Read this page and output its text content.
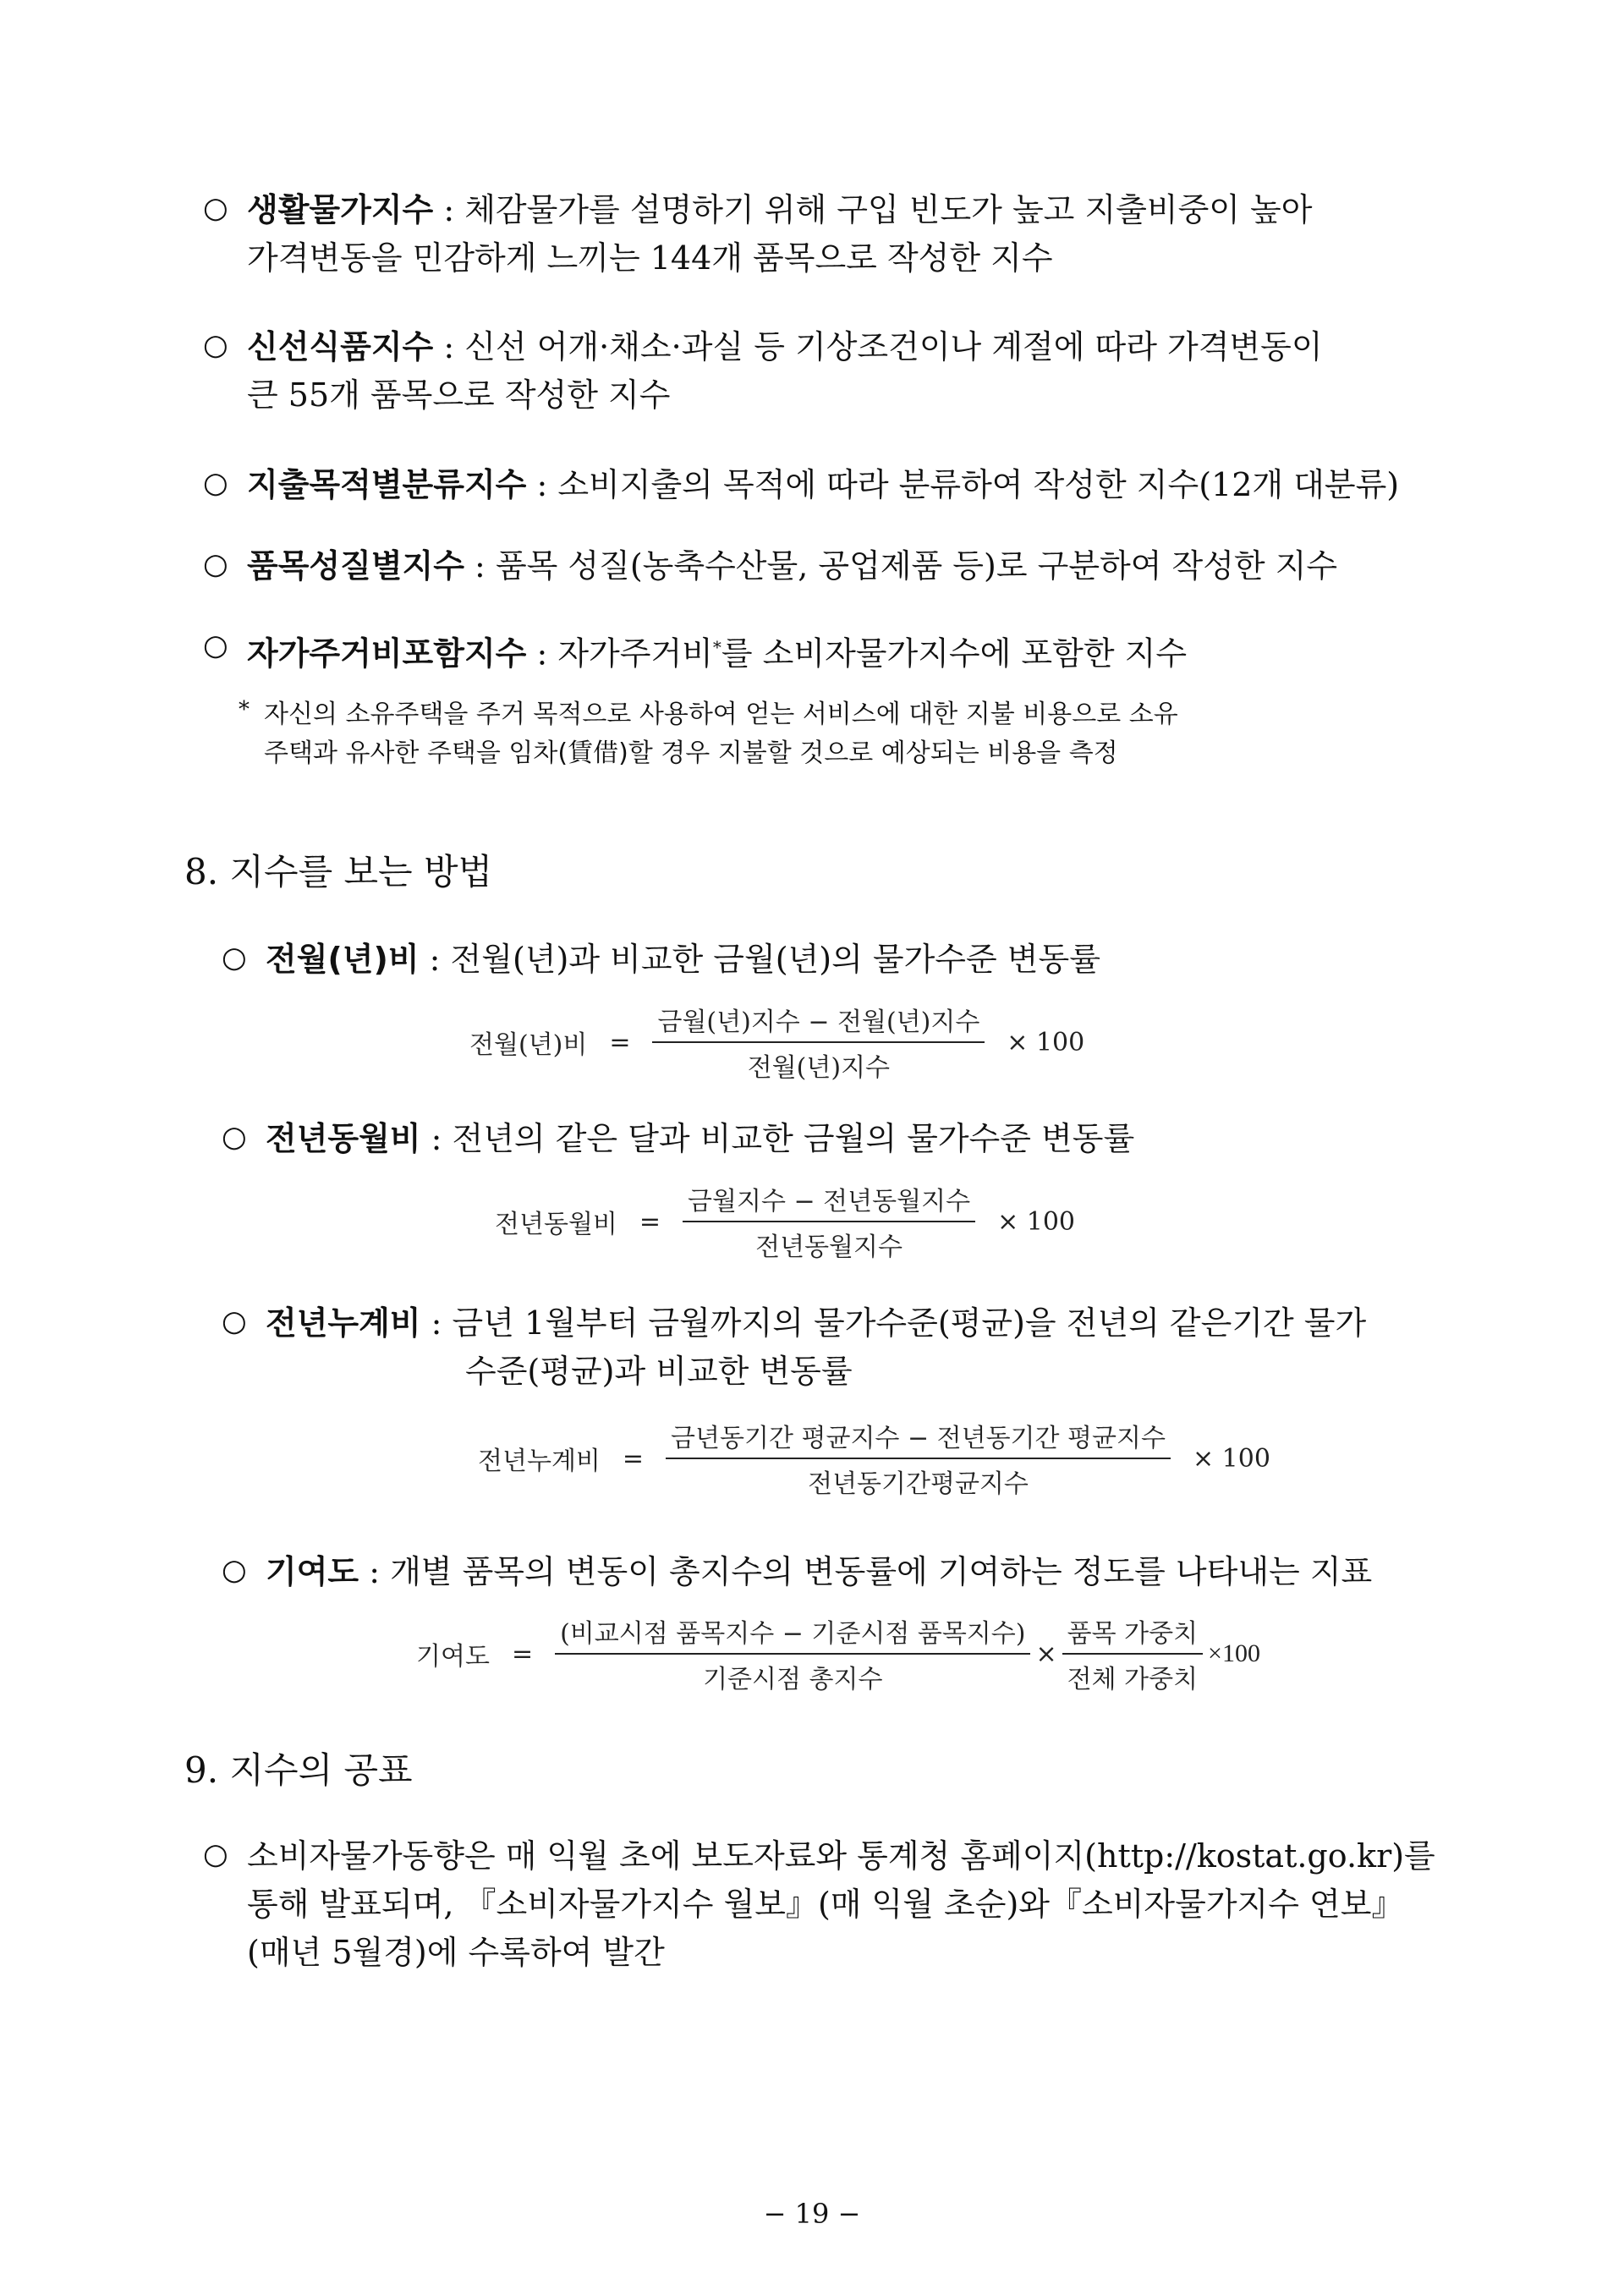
○ 생활물가지수 : 체감물가를 설명하기 위해 구입 빈도가 높고 지출비중이 높아
가격변동을 민감하게 느끼는 144개 품목으로 작성한 지수
○ 신선식품지수 : 신선 어개·채소·과실 등 기상조건이나 계절에 따라 가격변동이
큰 55개 품목으로 작성한 지수
○ 지출목적별분류지수 : 소비지출의 목적에 따라 분류하여 작성한 지수(12개 대분류)
○ 품목성질별지수 : 품목 성질(농축수산물, 공업제품 등)로 구분하여 작성한 지수
○ 자가주거비포함지수 : 자가주거비*를 소비자물가지수에 포함한 지수
* 자신의 소유주택을 주거 목적으로 사용하여 얻는 서비스에 대한 지불 비용으로 소유
주택과 유사한 주택을 임차(賃借)할 경우 지불할 것으로 예상되는 비용을 측정
8. 지수를 보는 방법
○ 전월(년)비 : 전월(년)과 비교한 금월(년)의 물가수준 변동률
전월(년)비 = $\frac{\text{금월(년)지수 − 전월(년)지수}}{\text{전월(년)지수}} \times 100$
○ 전년동월비 : 전년의 같은 달과 비교한 금월의 물가수준 변동률
전년동월비 = $\frac{\text{금월지수 − 전년동월지수}}{\text{전년동월지수}} \times 100$
○ 전년누계비 : 금년 1월부터 금월까지의 물가수준(평균)을 전년의 같은기간 물가
수준(평균)과 비교한 변동률
전년누계비 = $\frac{\text{금년동기간 평균지수 − 전년동기간 평균지수}}{\text{전년동기간평균지수}} \times 100$
○ 기여도 : 개별 품목의 변동이 총지수의 변동률에 기여하는 정도를 나타내는 지표
기여도 = $\frac{\text{(비교시점 품목지수 − 기준시점 품목지수)}}{\text{기준시점 총지수}} \times \frac{\text{품목 가중치}}{\text{전체 가중치}} \times 100$
9. 지수의 공표
○ 소비자물가동향은 매 익월 초에 보도자료와 통계청 홈페이지(http://kostat.go.kr)를
통해 발표되며, 『소비자물가지수 월보』(매 익월 초순)와『소비자물가지수 연보』
(매년 5월경)에 수록하여 발간
− 19 −
